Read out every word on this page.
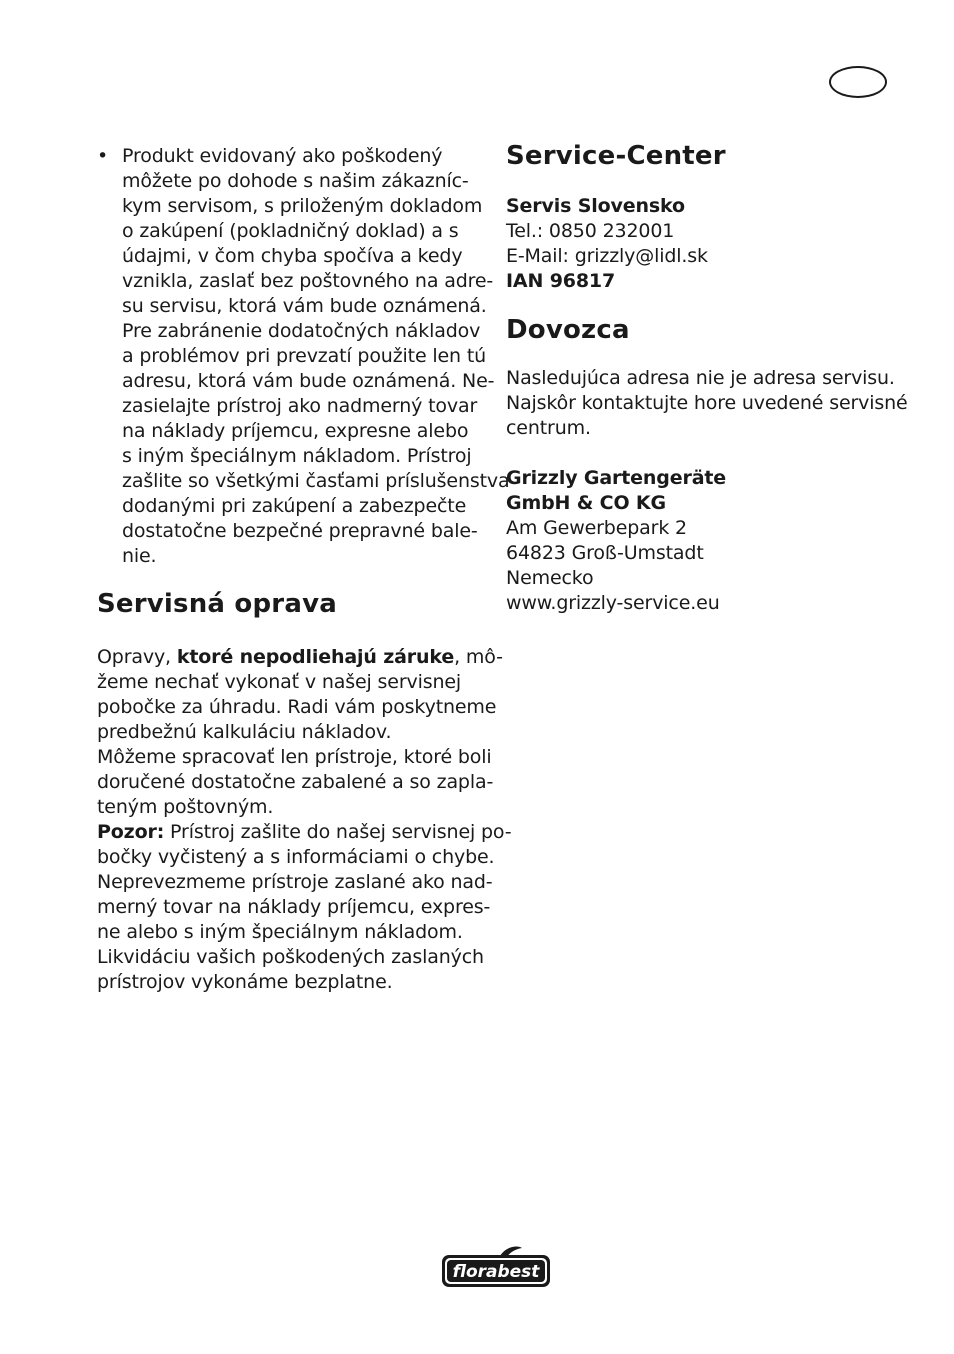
• Produkt evidovaný ako poškodený
môžete po dohode s našim zákazníc-
kym servisom, s priloženým dokladom
o zakúpení (pokladničný doklad) a s
údajmi, v čom chyba spočíva a kedy
vznikla, zaslať bez poštovného na adre-
su servisu, ktorá vám bude oznámená.
Pre zabránenie dodatočných nákladov
a problémov pri prevzatí použite len tú
adresu, ktorá vám bude oznámená. Ne-
zasielajte prístroj ako nadmerný tovar
na náklady príjemcu, expresne alebo
s iným špeciálnym nákladom. Prístroj
zašlite so všetkými časťami príslušenstva
dodanými pri zakúpení a zabezpečte
dostatočne bezpečné prepravné bale-
nie.
Servisná oprava
Opravy, ktoré nepodliehajú záruke, mô-
žeme nechať vykonať v našej servisnej
pobočke za úhradu. Radi vám poskytneme
predbežnú kalkuláciu nákladov.
Môžeme spracovať len prístroje, ktoré boli
doručené dostatočne zabalené a so zapla-
teným poštovným.
Pozor: Prístroj zašlite do našej servisnej po-
bočky vyčistený a s informáciami o chybe.
Neprevezmeme prístroje zaslané ako nad-
merný tovar na náklady príjemcu, expres-
ne alebo s iným špeciálnym nákladom.
Likvidáciu vašich poškodených zaslaných
prístrojov vykonáme bezplatne.
Service-Center
Servis Slovensko
Tel.: 0850 232001
E-Mail: grizzly@lidl.sk
IAN 96817
Dovozca
Nasledujúca adresa nie je adresa servisu.
Najskôr kontaktujte hore uvedené servisné
centrum.
Grizzly Gartengeräte
GmbH & CO KG
Am Gewerbepark 2
64823 Groß-Umstadt
Nemecko
www.grizzly-service.eu
florabest
